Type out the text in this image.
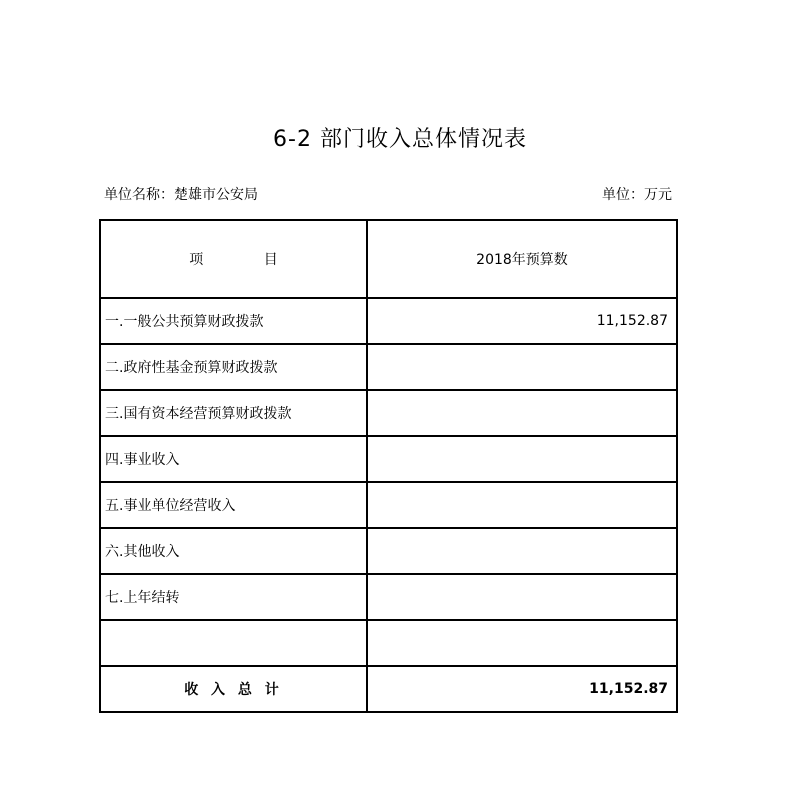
6-2 部门收入总体情况表
单位名称：楚雄市公安局	单位：万元
项 目	2018年预算数
一.一般公共预算财政拨款	11,152.87
二.政府性基金预算财政拨款	
三.国有资本经营预算财政拨款	
四.事业收入	
五.事业单位经营收入	
六.其他收入	
七.上年结转	

收 入 总 计	11,152.87
